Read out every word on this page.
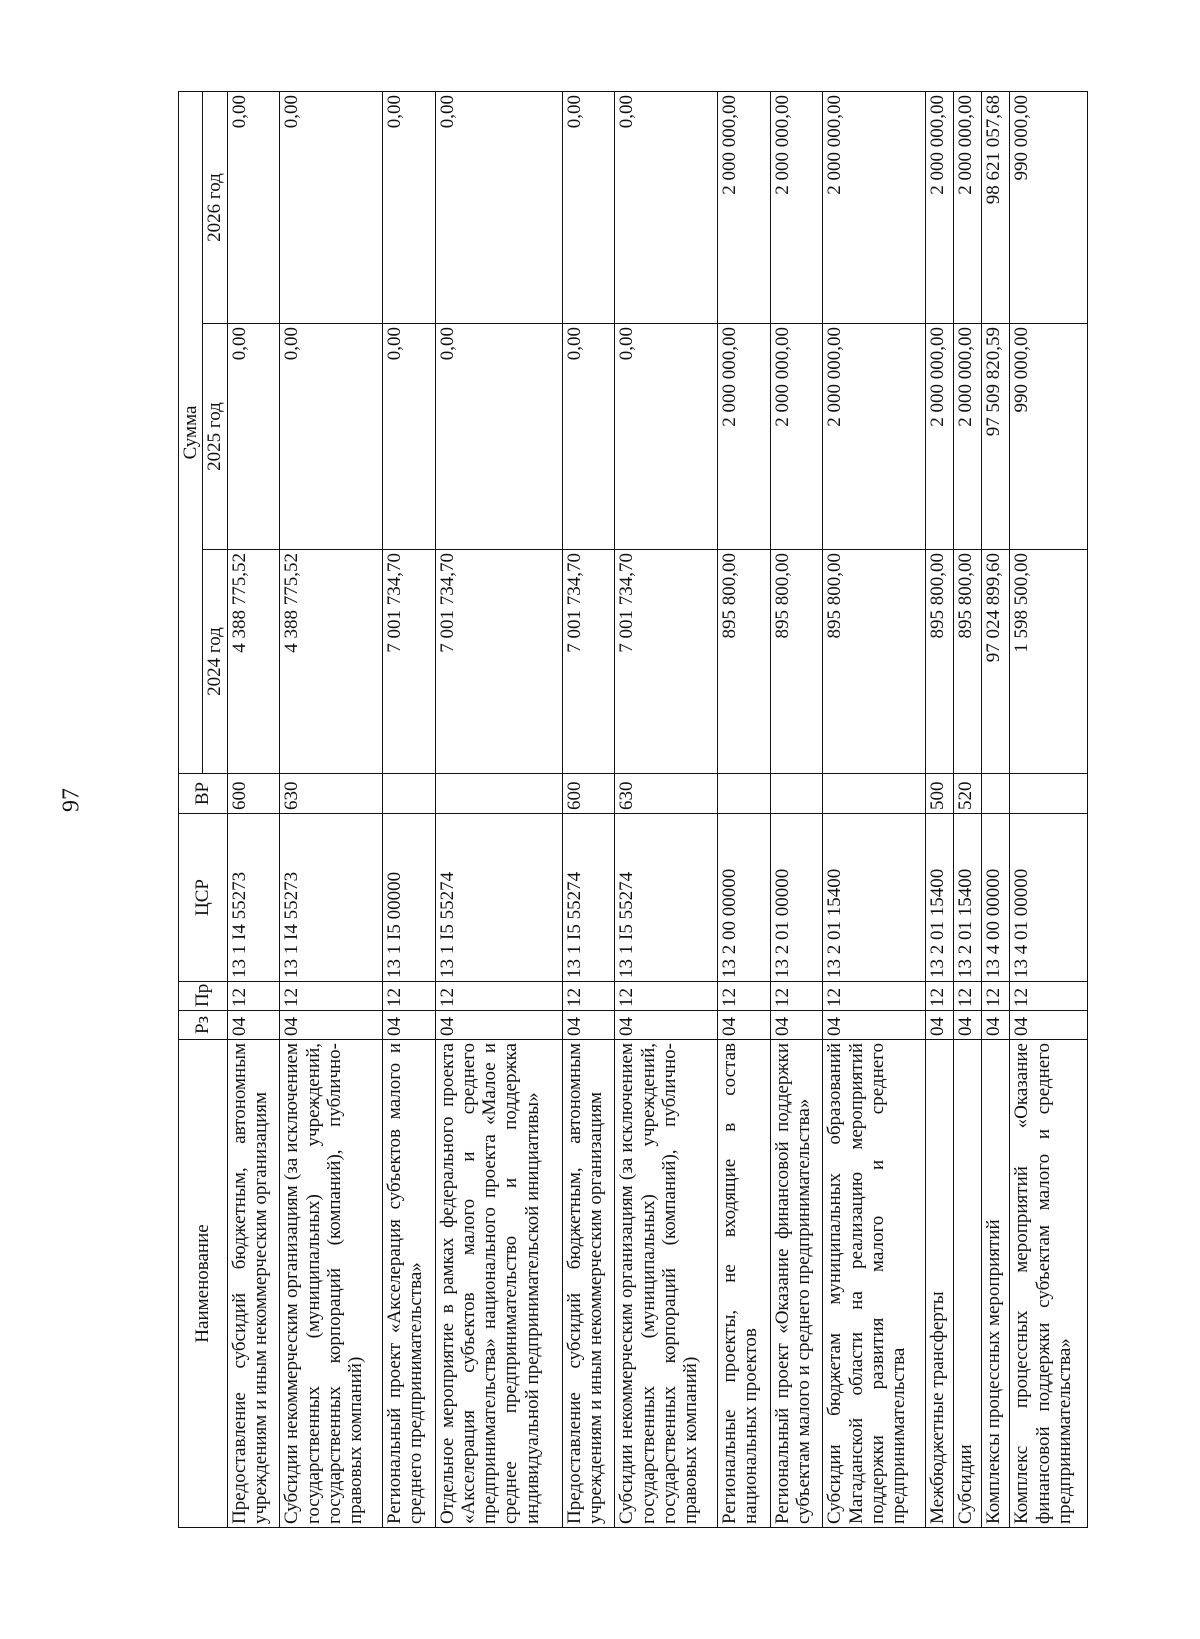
97
Наименование	Рз	Пр	ЦСР	ВР	Сумма		
					2024 год	2025 год	2026 год
Предоставление субсидий бюджетным, автономным учреждениям и иным некоммерческим организациям	04	12	13 1 I4 55273	600	4 388 775,52	0,00	0,00
Субсидии некоммерческим организациям (за исключением государственных (муниципальных) учреждений, государственных корпораций (компаний), публично-правовых компаний)	04	12	13 1 I4 55273	630	4 388 775,52	0,00	0,00
Региональный проект «Акселерация субъектов малого и среднего предпринимательства»	04	12	13 1 I5 00000		7 001 734,70	0,00	0,00
Отдельное мероприятие в рамках федерального проекта «Акселерация субъектов малого и среднего предпринимательства» национального проекта «Малое и среднее предпринимательство и поддержка индивидуальной предпринимательской инициативы»	04	12	13 1 I5 55274		7 001 734,70	0,00	0,00
Предоставление субсидий бюджетным, автономным учреждениям и иным некоммерческим организациям	04	12	13 1 I5 55274	600	7 001 734,70	0,00	0,00
Субсидии некоммерческим организациям (за исключением государственных (муниципальных) учреждений, государственных корпораций (компаний), публично-правовых компаний)	04	12	13 1 I5 55274	630	7 001 734,70	0,00	0,00
Региональные проекты, не входящие в состав национальных проектов	04	12	13 2 00 00000		895 800,00	2 000 000,00	2 000 000,00
Региональный проект «Оказание финансовой поддержки субъектам малого и среднего предпринимательства»	04	12	13 2 01 00000		895 800,00	2 000 000,00	2 000 000,00
Субсидии бюджетам муниципальных образований Магаданской области на реализацию мероприятий поддержки развития малого и среднего предпринимательства	04	12	13 2 01 15400		895 800,00	2 000 000,00	2 000 000,00
Межбюджетные трансферты	04	12	13 2 01 15400	500	895 800,00	2 000 000,00	2 000 000,00
Субсидии	04	12	13 2 01 15400	520	895 800,00	2 000 000,00	2 000 000,00
Комплексы процессных мероприятий	04	12	13 4 00 00000		97 024 899,60	97 509 820,59	98 621 057,68
Комплекс процессных мероприятий «Оказание финансовой поддержки субъектам малого и среднего предпринимательства»	04	12	13 4 01 00000		1 598 500,00	990 000,00	990 000,00
